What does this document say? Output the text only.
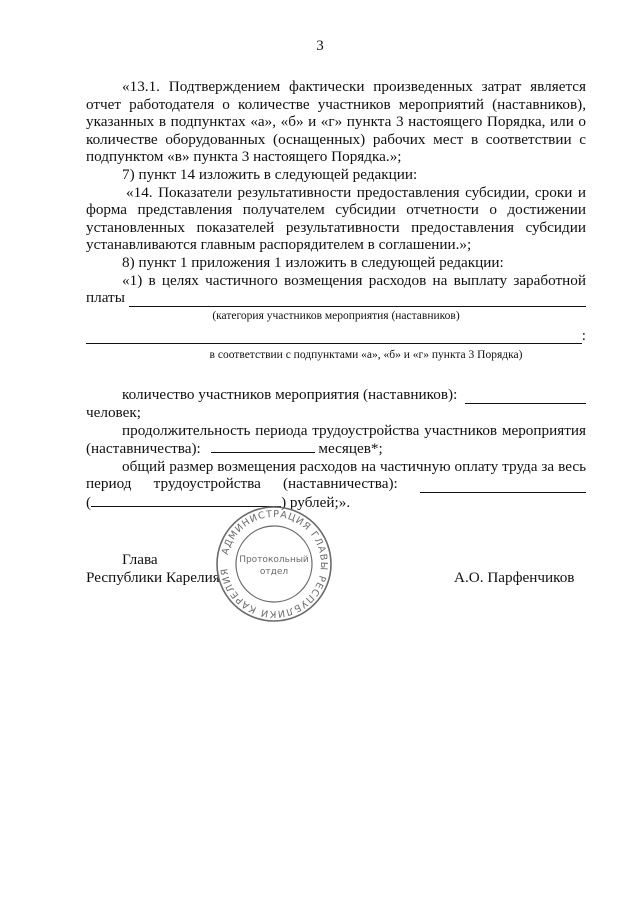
3

«13.1. Подтверждением фактически произведенных затрат является отчет работодателя о количестве участников мероприятий (наставников), указанных в подпунктах «а», «б» и «г» пункта 3 настоящего Порядка, или о количестве оборудованных (оснащенных) рабочих мест в соответствии с подпунктом «в» пункта 3 настоящего Порядка.»;

7) пункт 14 изложить в следующей редакции:

«14. Показатели результативности предоставления субсидии, сроки и форма представления получателем субсидии отчетности о достижении установленных показателей результативности предоставления субсидии устанавливаются главным распорядителем в соглашении.»;

8) пункт 1 приложения 1 изложить в следующей редакции:

«1) в целях частичного возмещения расходов на выплату заработной

платы
(категория участников мероприятия (наставников)
:
в соответствии с подпунктами «а», «б» и «г» пункта 3 Порядка)
количество участников мероприятия (наставников):
человек;
продолжительность периода трудоустройства участников мероприятия
(наставничества):	месяцев*;
общий размер возмещения расходов на частичную оплату труда за весь
период трудоустройства (наставничества):
(	) рублей;».
Глава
Республики Карелия	А.О. Парфенчиков
АДМИНИСТРАЦИЯ ГЛАВЫ РЕСПУБЛИКИ КАРЕЛИЯ
Протокольный
отдел
